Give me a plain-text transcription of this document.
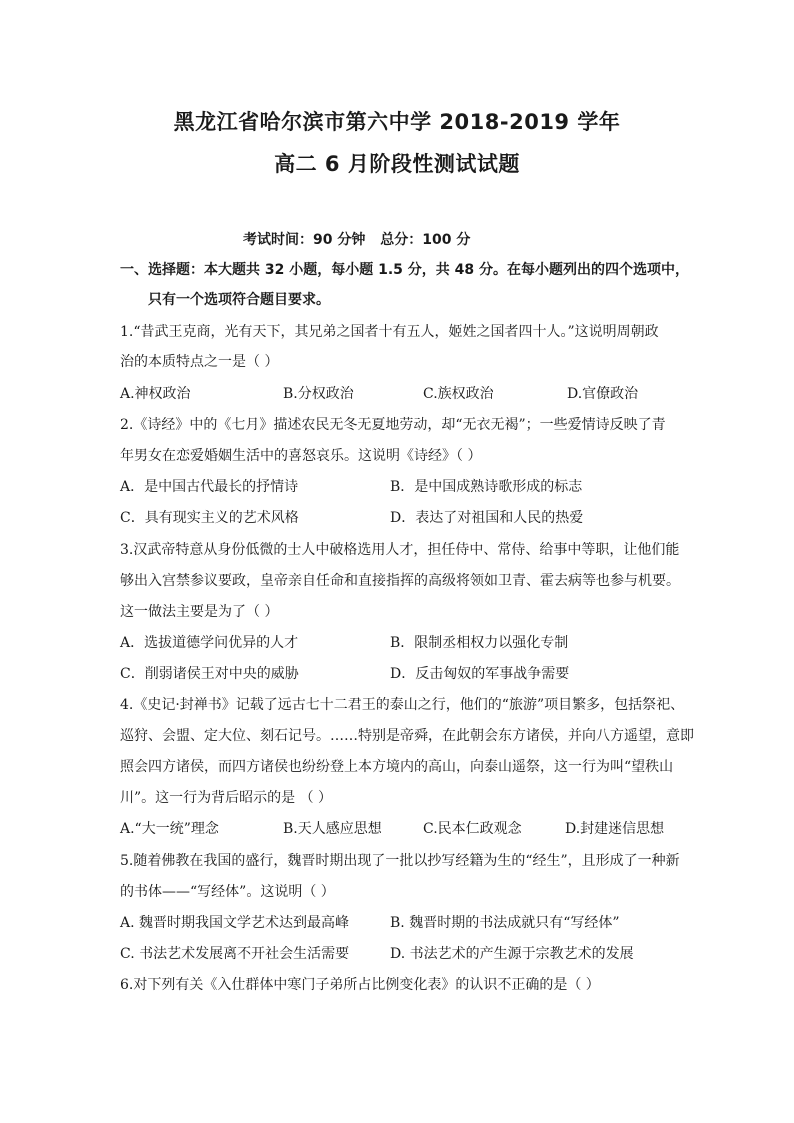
黑龙江省哈尔滨市第六中学 2018-2019 学年
高二 6 月阶段性测试试题
考试时间：90 分钟 总分：100 分
一、选择题：本大题共 32 小题，每小题 1.5 分，共 48 分。在每小题列出的四个选项中，
只有一个选项符合题目要求。
1.“昔武王克商，光有天下，其兄弟之国者十有五人，姬姓之国者四十人。”这说明周朝政
治的本质特点之一是（ ）
A.神权政治	B.分权政治	C.族权政治	D.官僚政治
2.《诗经》中的《七月》描述农民无冬无夏地劳动，却“无衣无褐”；一些爱情诗反映了青
年男女在恋爱婚姻生活中的喜怒哀乐。这说明《诗经》（ ）
A．是中国古代最长的抒情诗	B．是中国成熟诗歌形成的标志
C．具有现实主义的艺术风格	D．表达了对祖国和人民的热爱
3.汉武帝特意从身份低微的士人中破格选用人才，担任侍中、常侍、给事中等职，让他们能
够出入宫禁参议要政，皇帝亲自任命和直接指挥的高级将领如卫青、霍去病等也参与机要。
这一做法主要是为了（ ）
A．选拔道德学问优异的人才	B．限制丞相权力以强化专制
C．削弱诸侯王对中央的威胁	D．反击匈奴的军事战争需要
4.《史记·封禅书》记载了远古七十二君王的泰山之行，他们的“旅游”项目繁多，包括祭祀、
巡狩、会盟、定大位、刻石记号。……特别是帝舜，在此朝会东方诸侯，并向八方遥望，意即
照会四方诸侯，而四方诸侯也纷纷登上本方境内的高山，向泰山遥祭，这一行为叫“望秩山
川”。这一行为背后昭示的是 （ ）
A.“大一统”理念	B.天人感应思想	C.民本仁政观念	D.封建迷信思想
5.随着佛教在我国的盛行，魏晋时期出现了一批以抄写经籍为生的“经生”，且形成了一种新
的书体——“写经体”。这说明（ ）
A. 魏晋时期我国文学艺术达到最高峰	B. 魏晋时期的书法成就只有“写经体”
C. 书法艺术发展离不开社会生活需要	D. 书法艺术的产生源于宗教艺术的发展
6.对下列有关《入仕群体中寒门子弟所占比例变化表》的认识不正确的是（ ）
